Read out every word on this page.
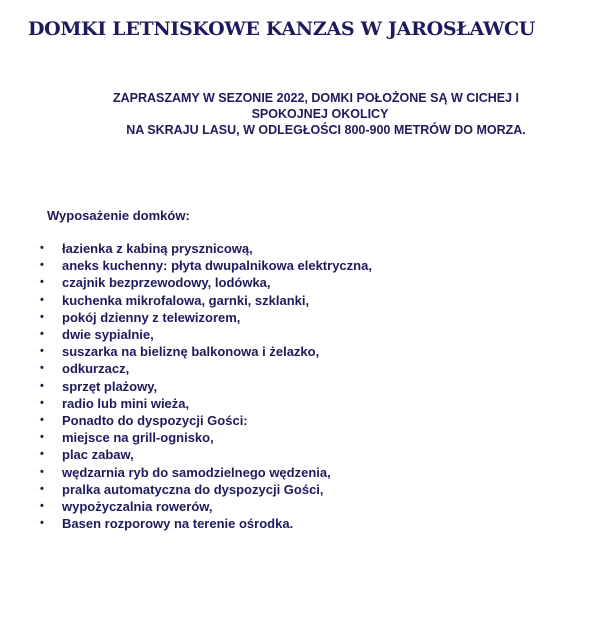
DOMKI LETNISKOWE KANZAS W JAROSŁAWCU
ZAPRASZAMY W SEZONIE 2022, DOMKI POŁOŻONE SĄ W CICHEJ I
SPOKOJNEJ OKOLICY
NA SKRAJU LASU, W ODLEGŁOŚCI 800-900 METRÓW DO MORZA.
Wyposażenie domków:
• łazienka z kabiną prysznicową,
• aneks kuchenny: płyta dwupalnikowa elektryczna,
• czajnik bezprzewodowy, lodówka,
• kuchenka mikrofalowa, garnki, szklanki,
• pokój dzienny z telewizorem,
• dwie sypialnie,
• suszarka na bieliznę balkonowa i żelazko,
• odkurzacz,
• sprzęt plażowy,
• radio lub mini wieża,
• Ponadto do dyspozycji Gości:
• miejsce na grill-ognisko,
• plac zabaw,
• wędzarnia ryb do samodzielnego wędzenia,
• pralka automatyczna do dyspozycji Gości,
• wypożyczalnia rowerów,
• Basen rozporowy na terenie ośrodka.
